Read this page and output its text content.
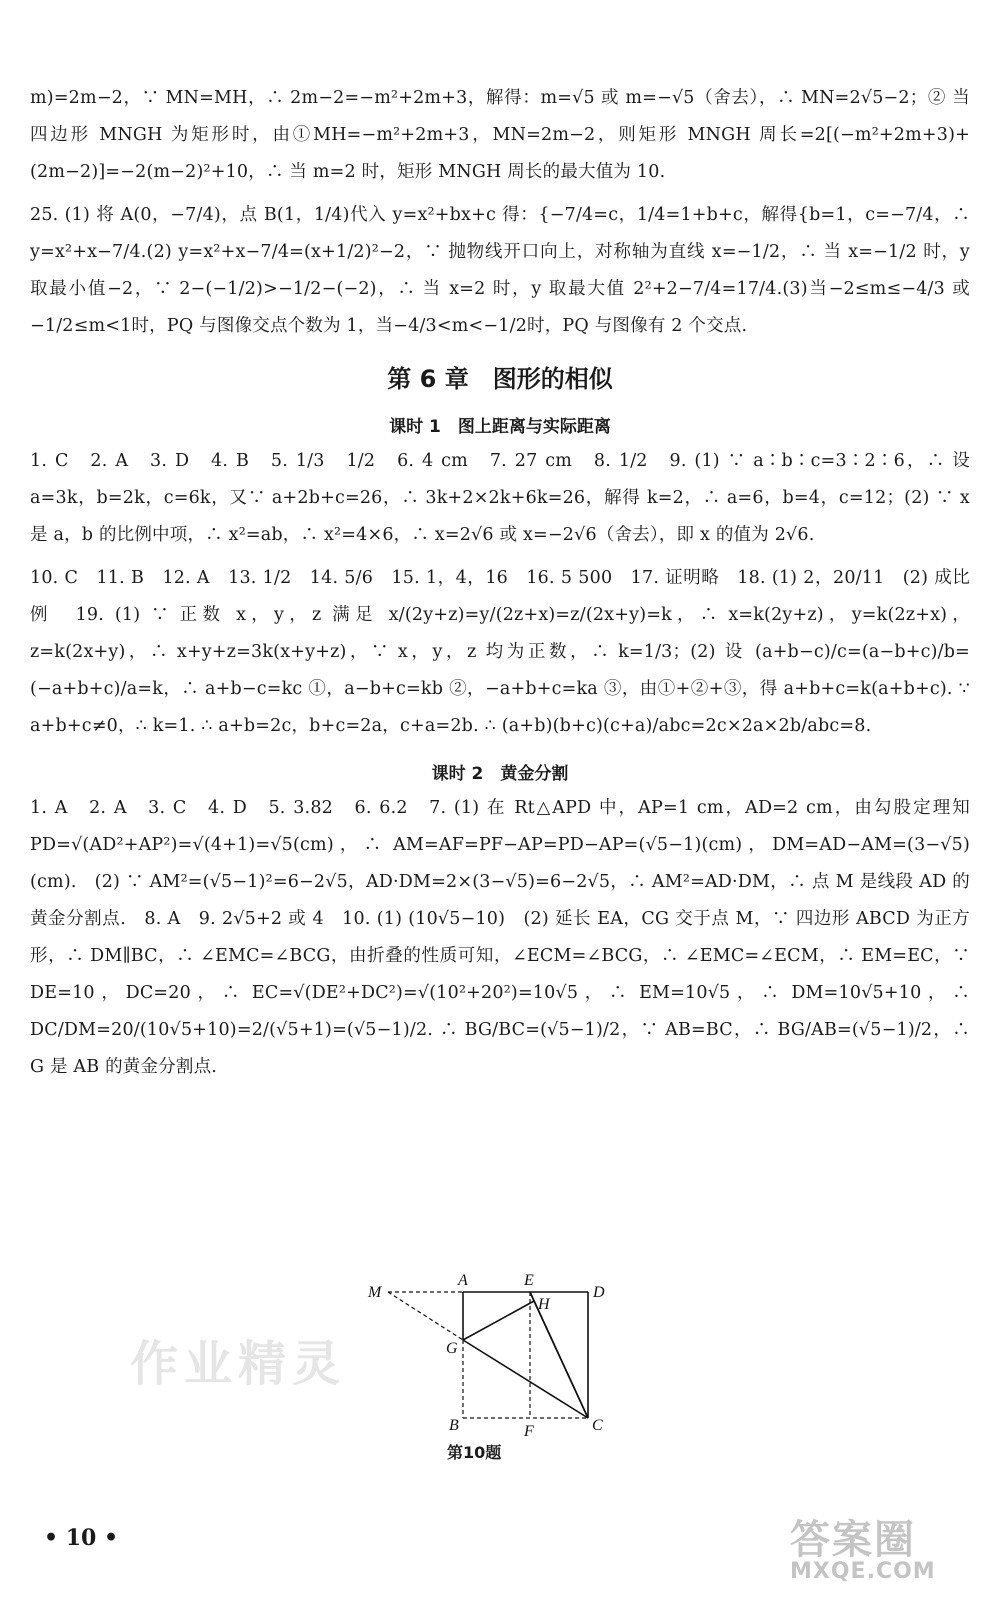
m)=2m−2，∵ MN=MH，∴ 2m−2=−m²+2m+3，解得：m=√5 或 m=−√5（舍去），∴ MN=2√5−2；② 当四边形 MNGH 为矩形时，由①MH=−m²+2m+3，MN=2m−2，则矩形 MNGH 周长=2[(−m²+2m+3)+(2m−2)]=−2(m−2)²+10，∴ 当 m=2 时，矩形 MNGH 周长的最大值为 10.

25. (1) 将 A(0，−7/4)，点 B(1，1/4)代入 y=x²+bx+c 得：{−7/4=c，1/4=1+b+c，解得{b=1，c=−7/4，∴ y=x²+x−7/4.(2) y=x²+x−7/4=(x+1/2)²−2，∵ 抛物线开口向上，对称轴为直线 x=−1/2，∴ 当 x=−1/2 时，y 取最小值−2，∵ 2−(−1/2)>−1/2−(−2)，∴ 当 x=2 时，y 取最大值 2²+2−7/4=17/4.(3)当−2≤m≤−4/3 或−1/2≤m<1时，PQ 与图像交点个数为 1，当−4/3<m<−1/2时，PQ 与图像有 2 个交点.

第 6 章　图形的相似
课时 1　图上距离与实际距离

1. C　2. A　3. D　4. B　5. 1/3　1/2　6. 4 cm　7. 27 cm　8. 1/2　9. (1) ∵ a∶b∶c=3∶2∶6，∴ 设 a=3k，b=2k，c=6k，又∵ a+2b+c=26，∴ 3k+2×2k+6k=26，解得 k=2，∴ a=6，b=4，c=12；(2) ∵ x 是 a，b 的比例中项，∴ x²=ab，∴ x²=4×6，∴ x=2√6 或 x=−2√6（舍去），即 x 的值为 2√6.

10. C　11. B　12. A　13. 1/2　14. 5/6　15. 1，4，16　16. 5 500　17. 证明略　18. (1) 2，20/11　(2) 成比例　19. (1) ∵ 正数 x，y，z 满足 x/(2y+z)=y/(2z+x)=z/(2x+y)=k，∴ x=k(2y+z)，y=k(2z+x)，z=k(2x+y)，∴ x+y+z=3k(x+y+z)，∵ x，y，z 均为正数，∴ k=1/3；(2) 设 (a+b−c)/c=(a−b+c)/b=(−a+b+c)/a=k，∴ a+b−c=kc ①，a−b+c=kb ②，−a+b+c=ka ③，由①+②+③，得 a+b+c=k(a+b+c). ∵ a+b+c≠0，∴ k=1. ∴ a+b=2c，b+c=2a，c+a=2b. ∴ (a+b)(b+c)(c+a)/abc=2c×2a×2b/abc=8.

课时 2　黄金分割

1. A　2. A　3. C　4. D　5. 3.82　6. 6.2　7. (1) 在 Rt△APD 中，AP=1 cm，AD=2 cm，由勾股定理知 PD=√(AD²+AP²)=√(4+1)=√5(cm)，∴ AM=AF=PF−AP=PD−AP=(√5−1)(cm)，DM=AD−AM=(3−√5)(cm).　(2) ∵ AM²=(√5−1)²=6−2√5，AD·DM=2×(3−√5)=6−2√5，∴ AM²=AD·DM，∴ 点 M 是线段 AD 的黄金分割点.　8. A　9. 2√5+2 或 4　10. (1) (10√5−10)　(2) 延长 EA，CG 交于点 M，∵ 四边形 ABCD 为正方形，∴ DM∥BC，∴ ∠EMC=∠BCG，由折叠的性质可知，∠ECM=∠BCG，∴ ∠EMC=∠ECM，∴ EM=EC，∵ DE=10，DC=20，∴ EC=√(DE²+DC²)=√(10²+20²)=10√5，∴ EM=10√5，∴ DM=10√5+10，∴ DC/DM=20/(10√5+10)=2/(√5+1)=(√5−1)/2. ∴ BG/BC=(√5−1)/2，∵ AB=BC，∴ BG/AB=(√5−1)/2，∴ G 是 AB 的黄金分割点.

作业精灵
M
A	E
D
H
G
B	F	C
第10题
• 10 •	答案圈
MXQE.COM
